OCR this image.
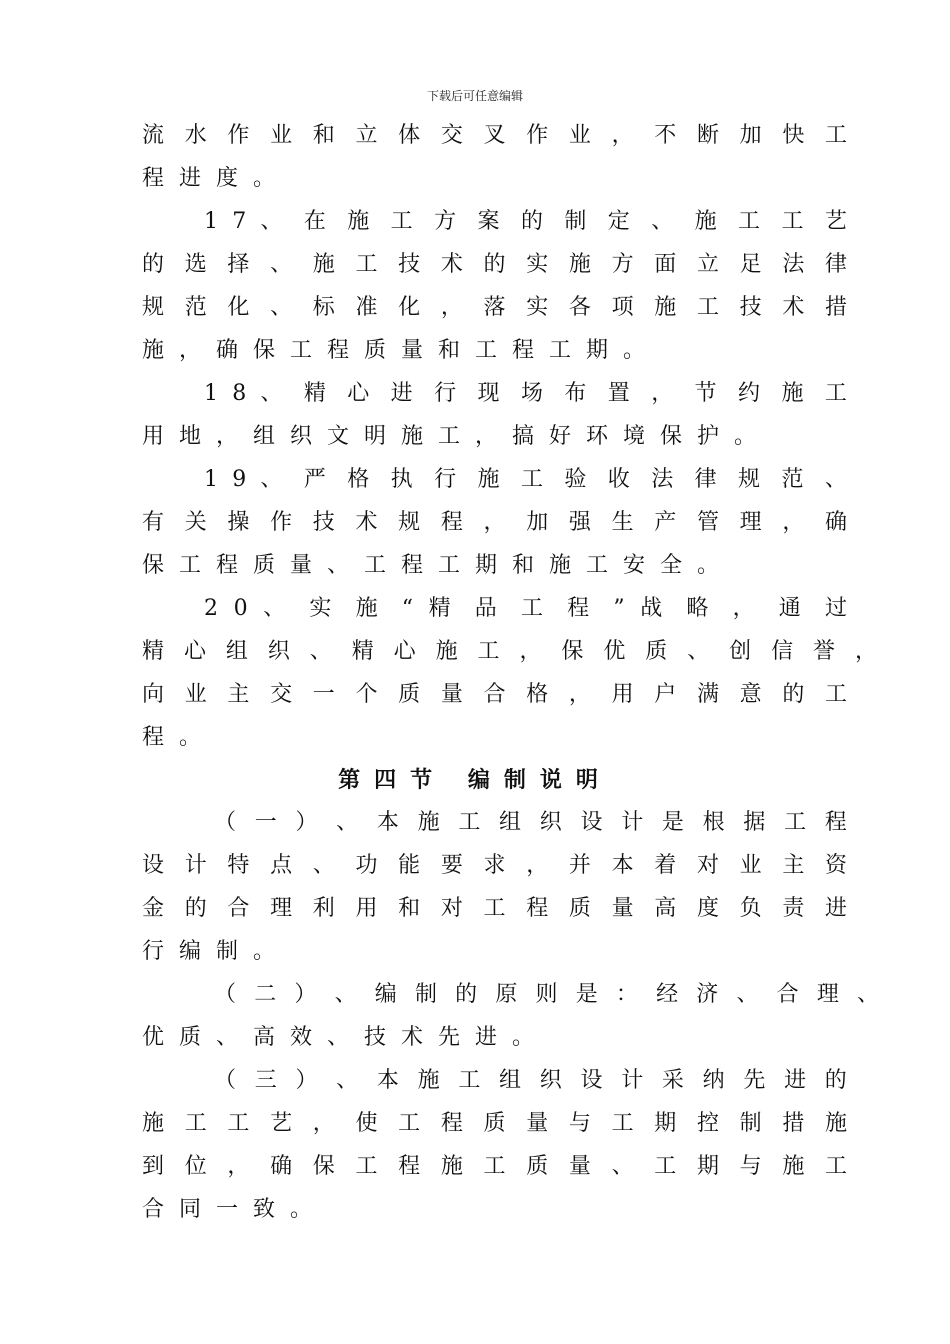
下载后可任意编辑
流 水 作 业 和 立 体 交 叉 作 业 ， 不 断 加 快 工
程进度。
1 7 、 在 施 工 方 案 的 制 定 、 施 工 工 艺
的 选 择 、 施 工 技 术 的 实 施 方 面 立 足 法 律
规 范 化 、 标 准 化 ， 落 实 各 项 施 工 技 术 措
施，确保工程质量和工程工期。
1 8 、 精 心 进 行 现 场 布 置 ， 节 约 施 工
用地，组织文明施工，搞好环境保护。
1 9 、 严 格 执 行 施 工 验 收 法 律 规 范 、
有 关 操 作 技 术 规 程 ， 加 强 生 产 管 理 ， 确
保工程质量、工程工期和施工安全。
2 0 、 实 施 “ 精 品 工 程 ” 战 略 ， 通 过
精 心 组 织 、 精 心 施 工 ， 保 优 质 、 创 信 誉 ，
向 业 主 交 一 个 质 量 合 格 ， 用 户 满 意 的 工
程。
第四节 编制说明
（ 一 ） 、 本 施 工 组 织 设 计 是 根 据 工 程
设 计 特 点 、 功 能 要 求 ， 并 本 着 对 业 主 资
金 的 合 理 利 用 和 对 工 程 质 量 高 度 负 责 进
行编制。
（ 二 ） 、 编 制 的 原 则 是 ： 经 济 、 合 理 、
优质、高效、技术先进。
（ 三 ） 、 本 施 工 组 织 设 计 采 纳 先 进 的
施 工 工 艺 ， 使 工 程 质 量 与 工 期 控 制 措 施
到 位 ， 确 保 工 程 施 工 质 量 、 工 期 与 施 工
合同一致。
